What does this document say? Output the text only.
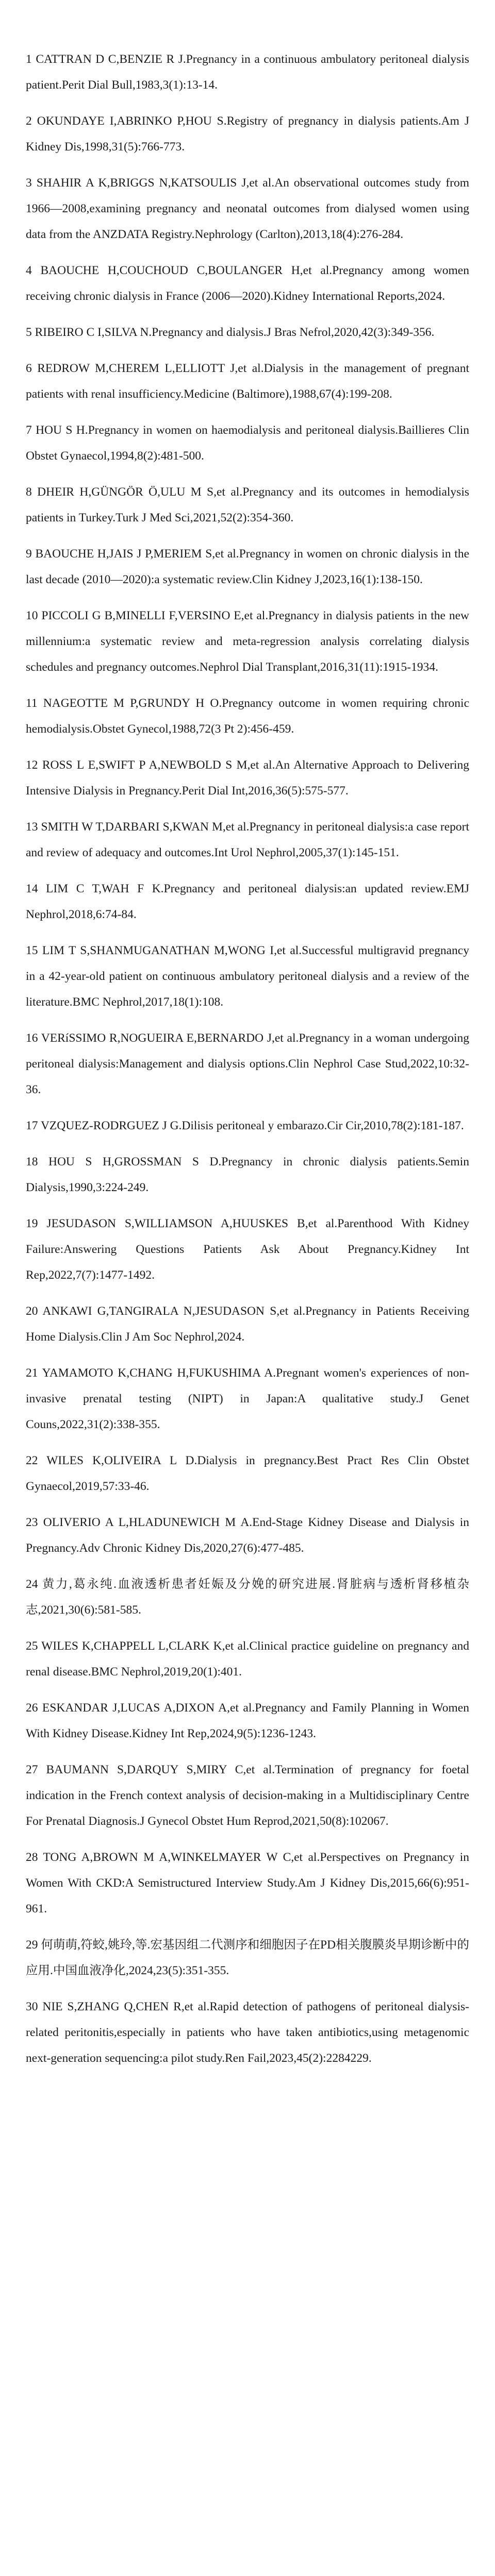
1 CATTRAN D C,BENZIE R J.Pregnancy in a continuous ambulatory peritoneal dialysis patient.Perit Dial Bull,1983,3(1):13-14.
2 OKUNDAYE I,ABRINKO P,HOU S.Registry of pregnancy in dialysis patients.Am J Kidney Dis,1998,31(5):766-773.
3 SHAHIR A K,BRIGGS N,KATSOULIS J,et al.An observational outcomes study from 1966—2008,examining pregnancy and neonatal outcomes from dialysed women using data from the ANZDATA Registry.Nephrology (Carlton),2013,18(4):276-284.
4 BAOUCHE H,COUCHOUD C,BOULANGER H,et al.Pregnancy among women receiving chronic dialysis in France (2006—2020).Kidney International Reports,2024.
5 RIBEIRO C I,SILVA N.Pregnancy and dialysis.J Bras Nefrol,2020,42(3):349-356.
6 REDROW M,CHEREM L,ELLIOTT J,et al.Dialysis in the management of pregnant patients with renal insufficiency.Medicine (Baltimore),1988,67(4):199-208.
7 HOU S H.Pregnancy in women on haemodialysis and peritoneal dialysis.Baillieres Clin Obstet Gynaecol,1994,8(2):481-500.
8 DHEIR H,GÜNGÖR Ö,ULU M S,et al.Pregnancy and its outcomes in hemodialysis patients in Turkey.Turk J Med Sci,2021,52(2):354-360.
9 BAOUCHE H,JAIS J P,MERIEM S,et al.Pregnancy in women on chronic dialysis in the last decade (2010—2020):a systematic review.Clin Kidney J,2023,16(1):138-150.
10 PICCOLI G B,MINELLI F,VERSINO E,et al.Pregnancy in dialysis patients in the new millennium:a systematic review and meta-regression analysis correlating dialysis schedules and pregnancy outcomes.Nephrol Dial Transplant,2016,31(11):1915-1934.
11 NAGEOTTE M P,GRUNDY H O.Pregnancy outcome in women requiring chronic hemodialysis.Obstet Gynecol,1988,72(3 Pt 2):456-459.
12 ROSS L E,SWIFT P A,NEWBOLD S M,et al.An Alternative Approach to Delivering Intensive Dialysis in Pregnancy.Perit Dial Int,2016,36(5):575-577.
13 SMITH W T,DARBARI S,KWAN M,et al.Pregnancy in peritoneal dialysis:a case report and review of adequacy and outcomes.Int Urol Nephrol,2005,37(1):145-151.
14 LIM C T,WAH F K.Pregnancy and peritoneal dialysis:an updated review.EMJ Nephrol,2018,6:74-84.
15 LIM T S,SHANMUGANATHAN M,WONG I,et al.Successful multigravid pregnancy in a 42-year-old patient on continuous ambulatory peritoneal dialysis and a review of the literature.BMC Nephrol,2017,18(1):108.
16 VERíSSIMO R,NOGUEIRA E,BERNARDO J,et al.Pregnancy in a woman undergoing peritoneal dialysis:Management and dialysis options.Clin Nephrol Case Stud,2022,10:32-36.
17 VZQUEZ-RODRGUEZ J G.Dilisis peritoneal y embarazo.Cir Cir,2010,78(2):181-187.
18 HOU S H,GROSSMAN S D.Pregnancy in chronic dialysis patients.Semin Dialysis,1990,3:224-249.
19 JESUDASON S,WILLIAMSON A,HUUSKES B,et al.Parenthood With Kidney Failure:Answering Questions Patients Ask About Pregnancy.Kidney Int Rep,2022,7(7):1477-1492.
20 ANKAWI G,TANGIRALA N,JESUDASON S,et al.Pregnancy in Patients Receiving Home Dialysis.Clin J Am Soc Nephrol,2024.
21 YAMAMOTO K,CHANG H,FUKUSHIMA A.Pregnant women's experiences of non-invasive prenatal testing (NIPT) in Japan:A qualitative study.J Genet Couns,2022,31(2):338-355.
22 WILES K,OLIVEIRA L D.Dialysis in pregnancy.Best Pract Res Clin Obstet Gynaecol,2019,57:33-46.
23 OLIVERIO A L,HLADUNEWICH M A.End-Stage Kidney Disease and Dialysis in Pregnancy.Adv Chronic Kidney Dis,2020,27(6):477-485.
24 黄力,葛永纯.血液透析患者妊娠及分娩的研究进展.肾脏病与透析肾移植杂志,2021,30(6):581-585.
25 WILES K,CHAPPELL L,CLARK K,et al.Clinical practice guideline on pregnancy and renal disease.BMC Nephrol,2019,20(1):401.
26 ESKANDAR J,LUCAS A,DIXON A,et al.Pregnancy and Family Planning in Women With Kidney Disease.Kidney Int Rep,2024,9(5):1236-1243.
27 BAUMANN S,DARQUY S,MIRY C,et al.Termination of pregnancy for foetal indication in the French context analysis of decision-making in a Multidisciplinary Centre For Prenatal Diagnosis.J Gynecol Obstet Hum Reprod,2021,50(8):102067.
28 TONG A,BROWN M A,WINKELMAYER W C,et al.Perspectives on Pregnancy in Women With CKD:A Semistructured Interview Study.Am J Kidney Dis,2015,66(6):951-961.
29 何萌萌,符蛟,姚玲,等.宏基因组二代测序和细胞因子在PD相关腹膜炎早期诊断中的应用.中国血液净化,2024,23(5):351-355.
30 NIE S,ZHANG Q,CHEN R,et al.Rapid detection of pathogens of peritoneal dialysis-related peritonitis,especially in patients who have taken antibiotics,using metagenomic next-generation sequencing:a pilot study.Ren Fail,2023,45(2):2284229.
